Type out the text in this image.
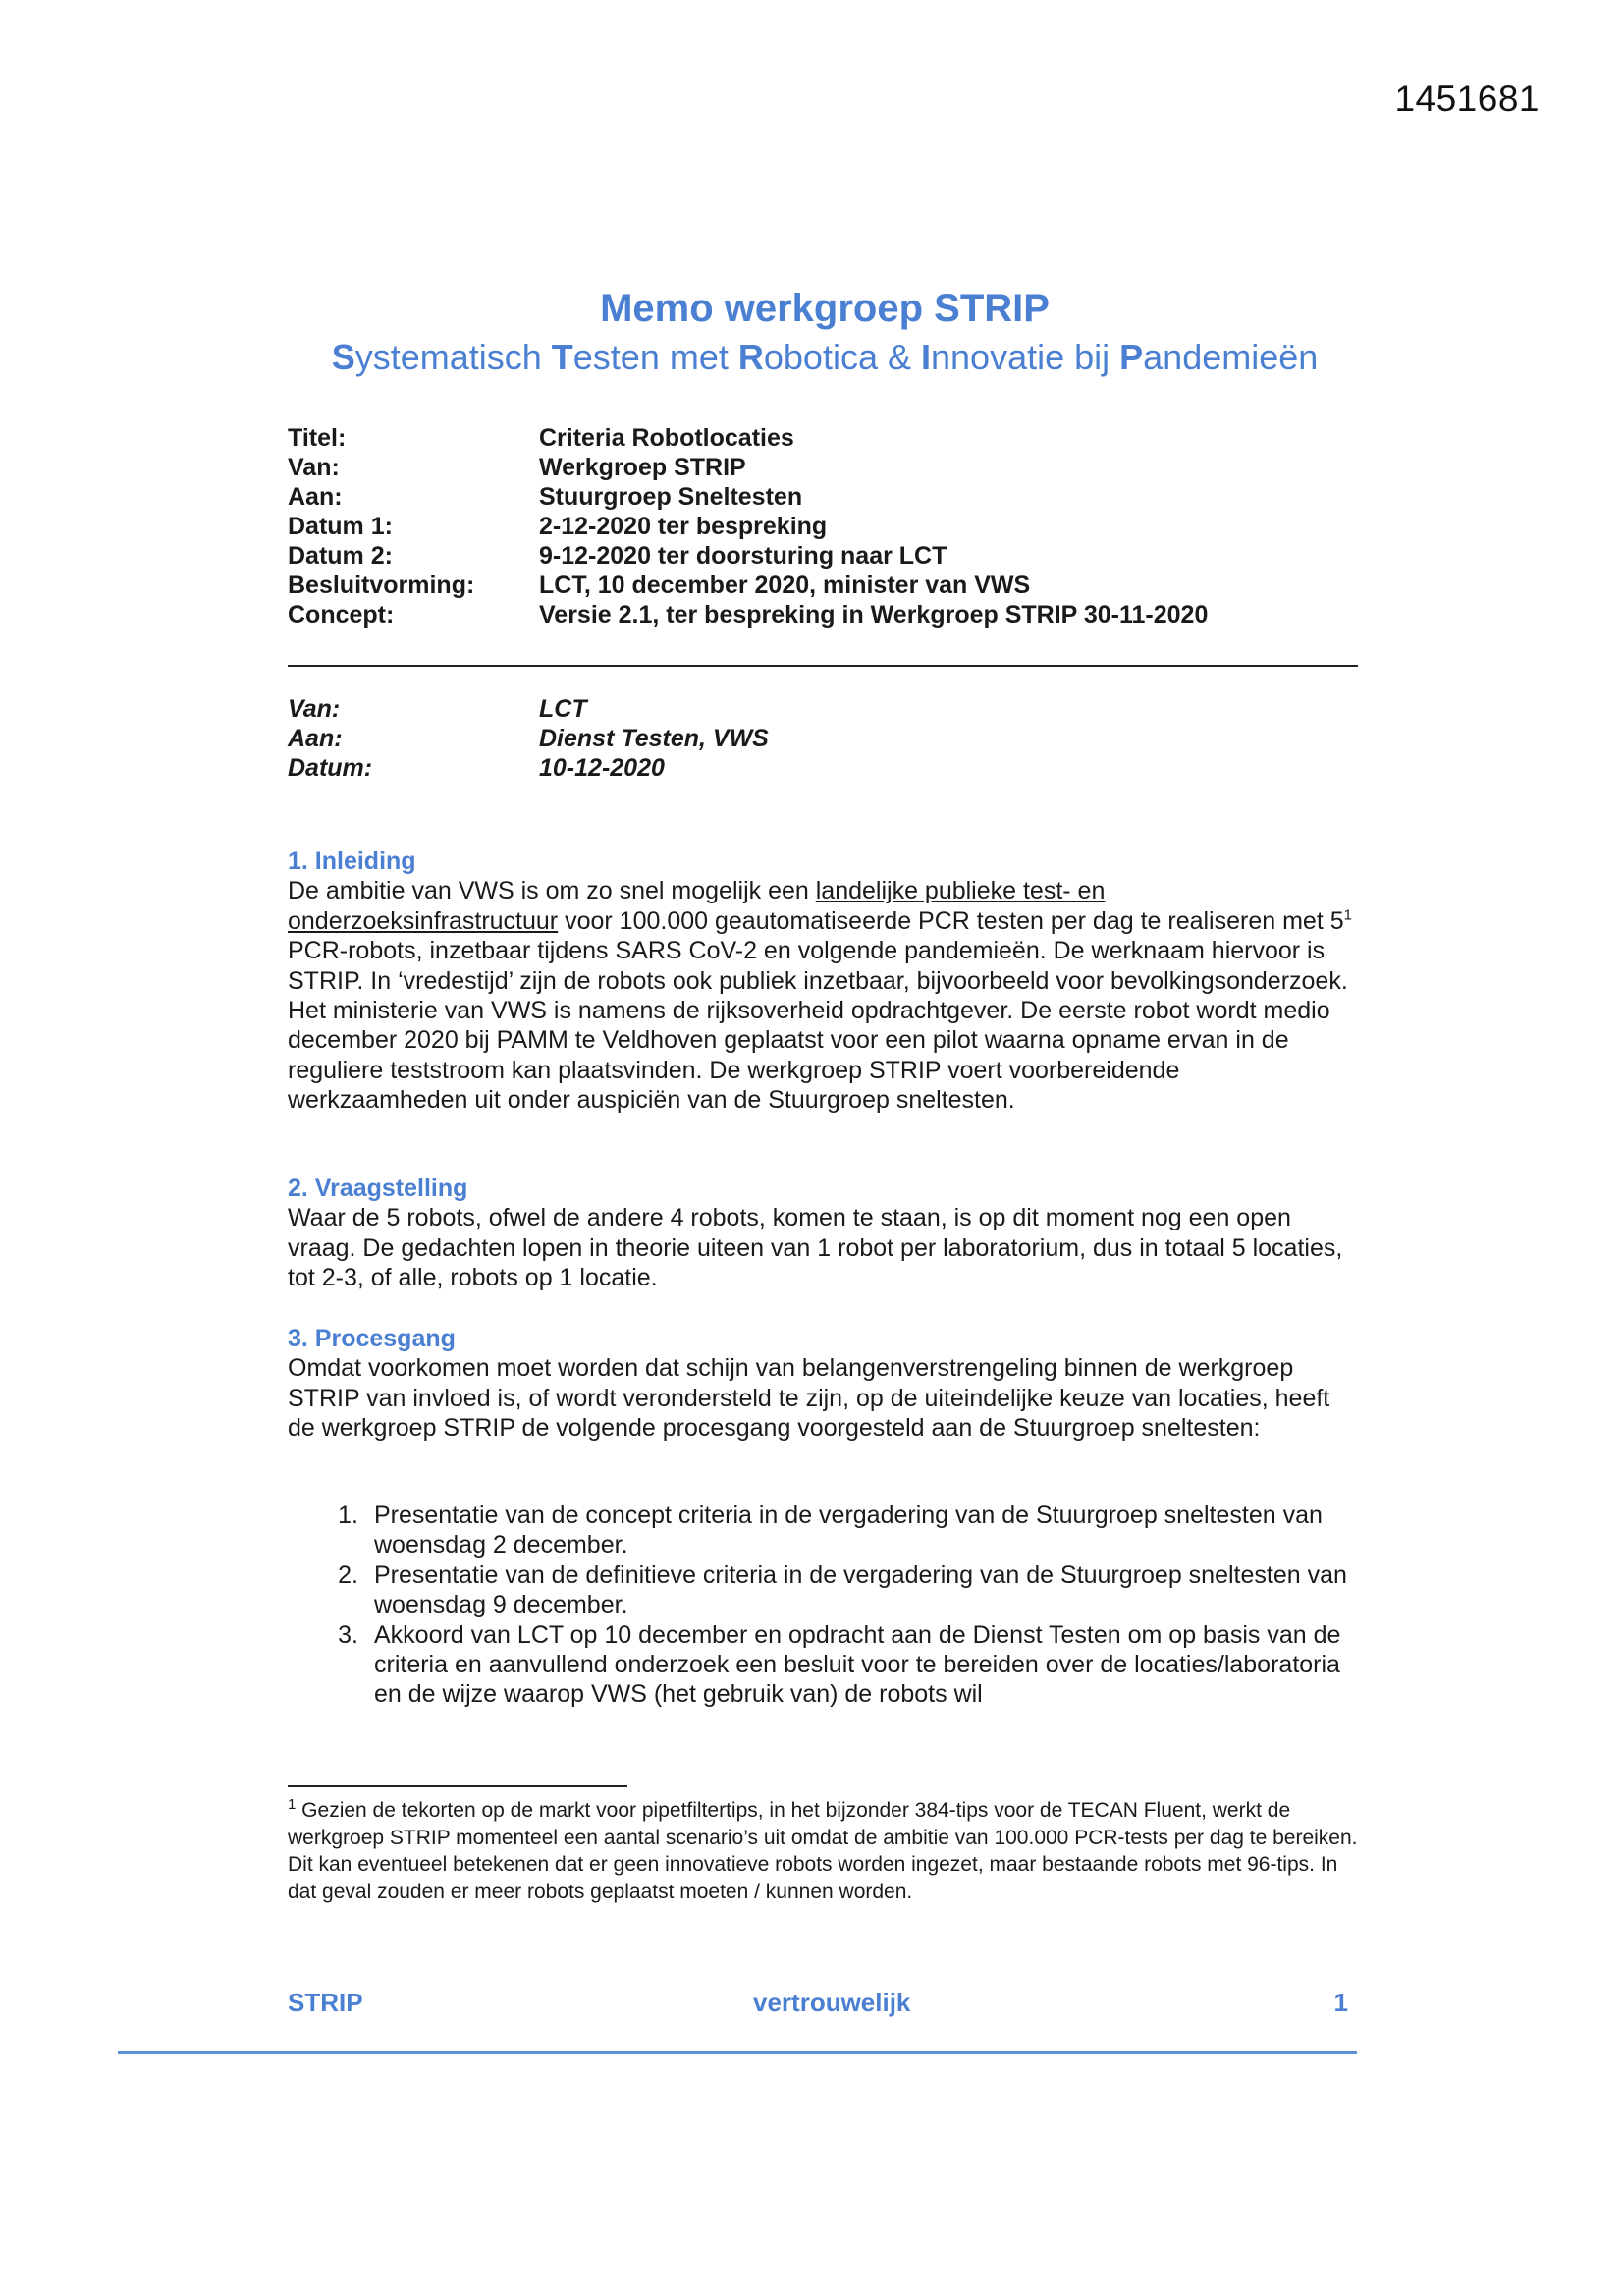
1451681
Memo werkgroep STRIP
Systematisch Testen met Robotica & Innovatie bij Pandemieën
Titel:	Criteria Robotlocaties
Van:	Werkgroep STRIP
Aan:	Stuurgroep Sneltesten
Datum 1:	2-12-2020 ter bespreking
Datum 2:	9-12-2020 ter doorsturing naar LCT
Besluitvorming:	LCT, 10 december 2020, minister van VWS
Concept:	Versie 2.1, ter bespreking in Werkgroep STRIP 30-11-2020
Van:	LCT
Aan:	Dienst Testen, VWS
Datum:	10-12-2020
1. Inleiding

De ambitie van VWS is om zo snel mogelijk een landelijke publieke test- en onderzoeksinfrastructuur voor 100.000 geautomatiseerde PCR testen per dag te realiseren met $5^1$ PCR-robots, inzetbaar tijdens SARS CoV-2 en volgende pandemieën. De werknaam hiervoor is STRIP. In ‘vredestijd’ zijn de robots ook publiek inzetbaar, bijvoorbeeld voor bevolkingsonderzoek. Het ministerie van VWS is namens de rijksoverheid opdrachtgever. De eerste robot wordt medio december 2020 bij PAMM te Veldhoven geplaatst voor een pilot waarna opname ervan in de reguliere teststroom kan plaatsvinden. De werkgroep STRIP voert voorbereidende werkzaamheden uit onder auspiciën van de Stuurgroep sneltesten.

2. Vraagstelling

Waar de 5 robots, ofwel de andere 4 robots, komen te staan, is op dit moment nog een open vraag. De gedachten lopen in theorie uiteen van 1 robot per laboratorium, dus in totaal 5 locaties, tot 2-3, of alle, robots op 1 locatie.

3. Procesgang

Omdat voorkomen moet worden dat schijn van belangenverstrengeling binnen de werkgroep STRIP van invloed is, of wordt verondersteld te zijn, op de uiteindelijke keuze van locaties, heeft de werkgroep STRIP de volgende procesgang voorgesteld aan de Stuurgroep sneltesten:

1. Presentatie van de concept criteria in de vergadering van de Stuurgroep sneltesten van woensdag 2 december.
2. Presentatie van de definitieve criteria in de vergadering van de Stuurgroep sneltesten van woensdag 9 december.
3. Akkoord van LCT op 10 december en opdracht aan de Dienst Testen om op basis van de criteria en aanvullend onderzoek een besluit voor te bereiden over de locaties/laboratoria en de wijze waarop VWS (het gebruik van) de robots wil
$^1$ Gezien de tekorten op de markt voor pipetfiltertips, in het bijzonder 384-tips voor de TECAN Fluent, werkt de werkgroep STRIP momenteel een aantal scenario’s uit omdat de ambitie van 100.000 PCR-tests per dag te bereiken. Dit kan eventueel betekenen dat er geen innovatieve robots worden ingezet, maar bestaande robots met 96-tips. In dat geval zouden er meer robots geplaatst moeten / kunnen worden.
STRIP	vertrouwelijk	1
